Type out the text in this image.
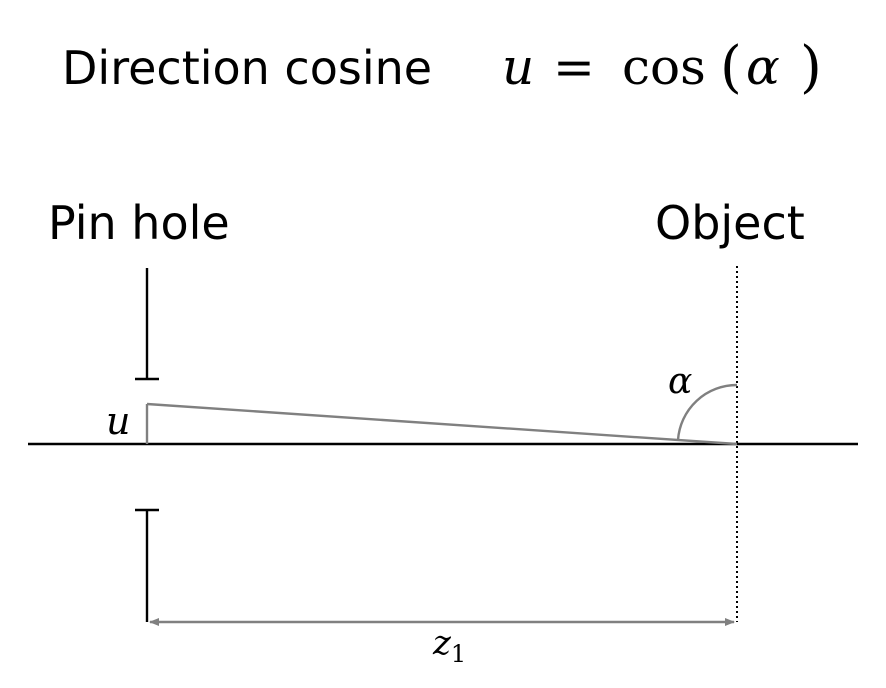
Direction cosine u = cos ( α )
Pin hole	Object
u
α
$z_1$
